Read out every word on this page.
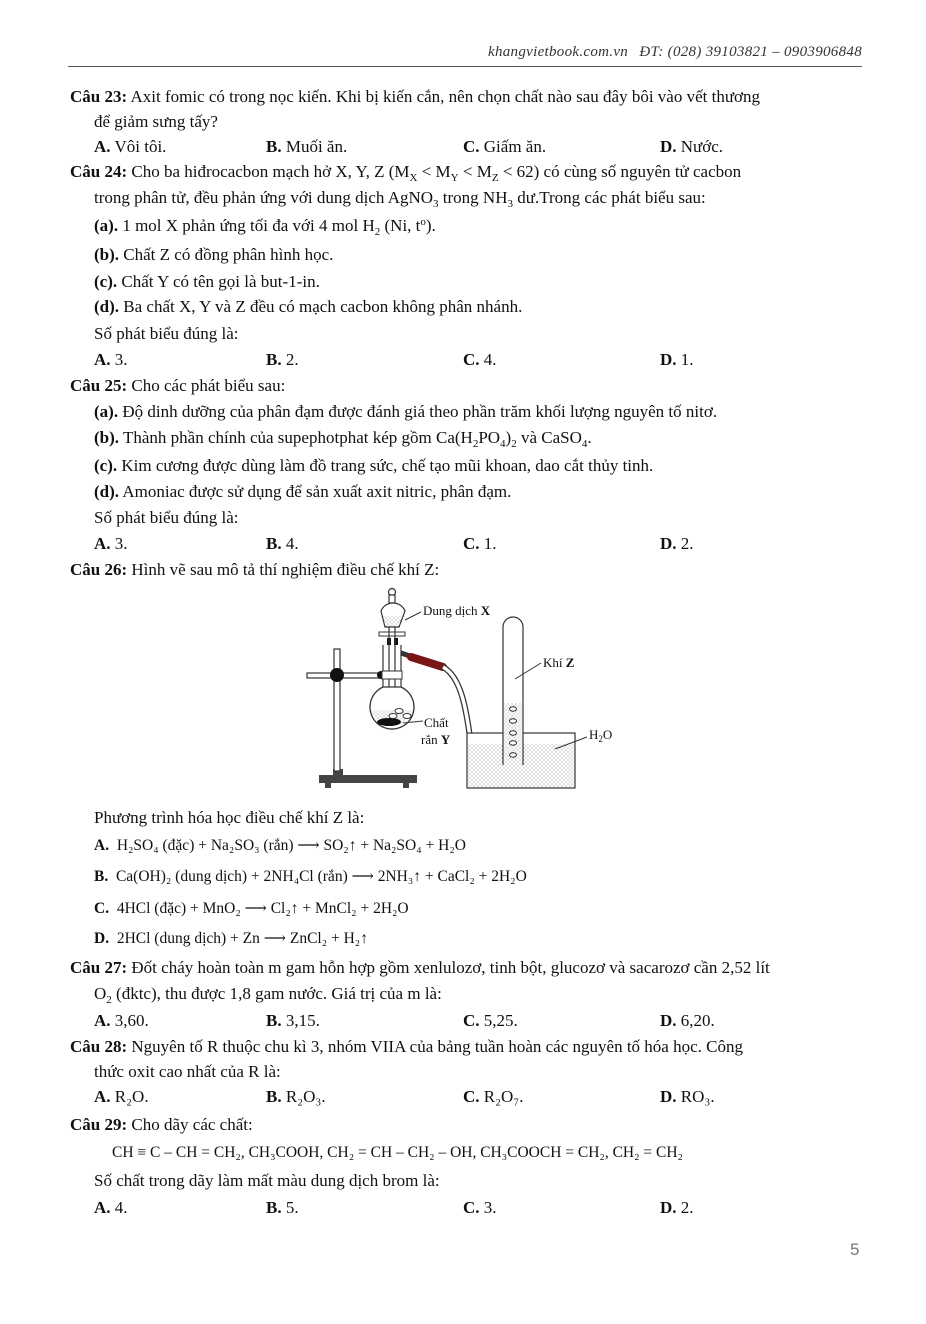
khangvietbook.com.vn ĐT: (028) 39103821 – 0903906848
Câu 23: Axit fomic có trong nọc kiến. Khi bị kiến cắn, nên chọn chất nào sau đây bôi vào vết thương
để giảm sưng tấy?
A. Vôi tôi.	B. Muối ăn.	C. Giấm ăn.	D. Nước.
Câu 24: Cho ba hiđrocacbon mạch hở X, Y, Z $(M_X < M_Y < M_Z < 62)$ có cùng số nguyên tử cacbon
trong phân tử, đều phản ứng với dung dịch AgNO$_3$ trong $NH_3$ dư.Trong các phát biểu sau:
(a). 1 mol X phản ứng tối đa với 4 mol $H_2$ (Ni, $t^o$).
(b). Chất Z có đồng phân hình học.
(c). Chất Y có tên gọi là but-1-in.
(d). Ba chất X, Y và Z đều có mạch cacbon không phân nhánh.
Số phát biểu đúng là:
A. 3.	B. 2.	C. 4.	D. 1.
Câu 25: Cho các phát biểu sau:
(a). Độ dinh dưỡng của phân đạm được đánh giá theo phần trăm khối lượng nguyên tố nitơ.
(b). Thành phần chính của supephotphat kép gồm $Ca(H_2PO_4)_2$ và CaSO$_4$.
(c). Kim cương được dùng làm đồ trang sức, chế tạo mũi khoan, dao cắt thủy tinh.
(d). Amoniac được sử dụng để sản xuất axit nitric, phân đạm.
Số phát biểu đúng là:
A. 3.	B. 4.	C. 1.	D. 2.
Câu 26: Hình vẽ sau mô tả thí nghiệm điều chế khí Z:
Dung dịch X
Khí Z
Chất
rắn Y	$H_2O$
Phương trình hóa học điều chế khí Z là:
A. H₂SO₄ (đặc) + Na₂SO₃ (rắn) ⟶ SO₂↑ + Na₂SO₄ + H₂O
B. Ca(OH)₂ (dung dịch) + 2NH₄Cl (rắn) ⟶ 2NH₃↑ + CaCl₂ + 2H₂O
C. 4HCl (đặc) + MnO₂ ⟶ Cl₂↑ + MnCl₂ + 2H₂O
D. 2HCl (dung dịch) + Zn ⟶ ZnCl₂ + H₂↑
Câu 27: Đốt cháy hoàn toàn m gam hỗn hợp gồm xenlulozơ, tinh bột, glucozơ và sacarozơ cần 2,52 lít
$O_2$ (đktc), thu được 1,8 gam nước. Giá trị của m là:
A. 3,60.	B. 3,15.	C. 5,25.	D. 6,20.
Câu 28: Nguyên tố R thuộc chu kì 3, nhóm VIIA của bảng tuần hoàn các nguyên tố hóa học. Công
thức oxit cao nhất của R là:
A. R₂O.	B. R₂O₃.	C. R₂O₇.	D. RO₃.
Câu 29: Cho dãy các chất:
CH ≡ C – CH = CH₂, CH₃COOH, CH₂ = CH – CH₂ – OH, CH₃COOCH = CH₂, CH₂ = CH₂
Số chất trong dãy làm mất màu dung dịch brom là:
A. 4.	B. 5.	C. 3.	D. 2.
5
